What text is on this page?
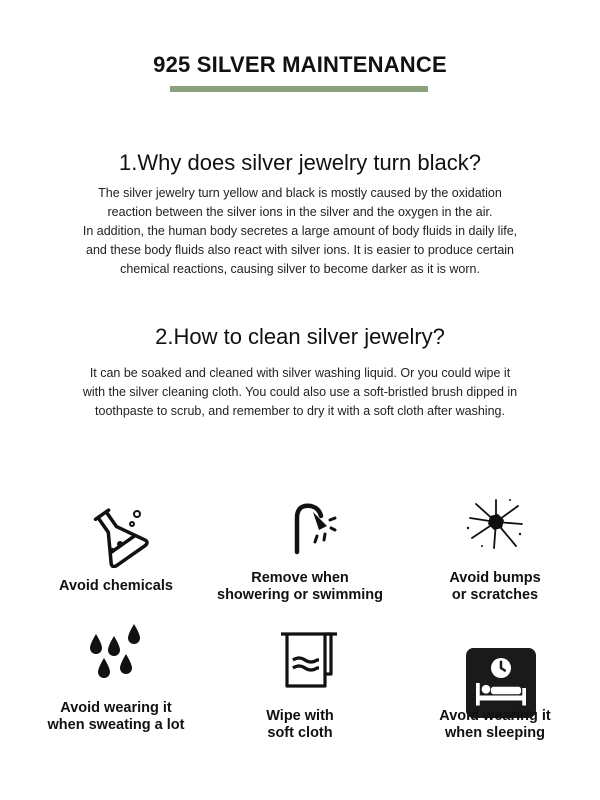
925 SILVER MAINTENANCE
1.Why does silver jewelry turn black?
The silver jewelry turn yellow and black is mostly caused by the oxidation
reaction between the silver ions in the silver and the oxygen in the air.
In addition, the human body secretes a large amount of body fluids in daily life,
and these body fluids also react with silver ions. It is easier to produce certain
chemical reactions, causing silver to become darker as it is worn.
2.How to clean silver jewelry?
It can be soaked and cleaned with silver washing liquid. Or you could wipe it
with the silver cleaning cloth. You could also use a soft-bristled brush dipped in
toothpaste to scrub, and remember to dry it with a soft cloth after washing.
Avoid chemicals	Remove when
showering or swimming
Avoid bumps
or scratches
Avoid wearing it
when sweating a lot
Wipe with
soft cloth
Avoid wearing it
when sleeping
